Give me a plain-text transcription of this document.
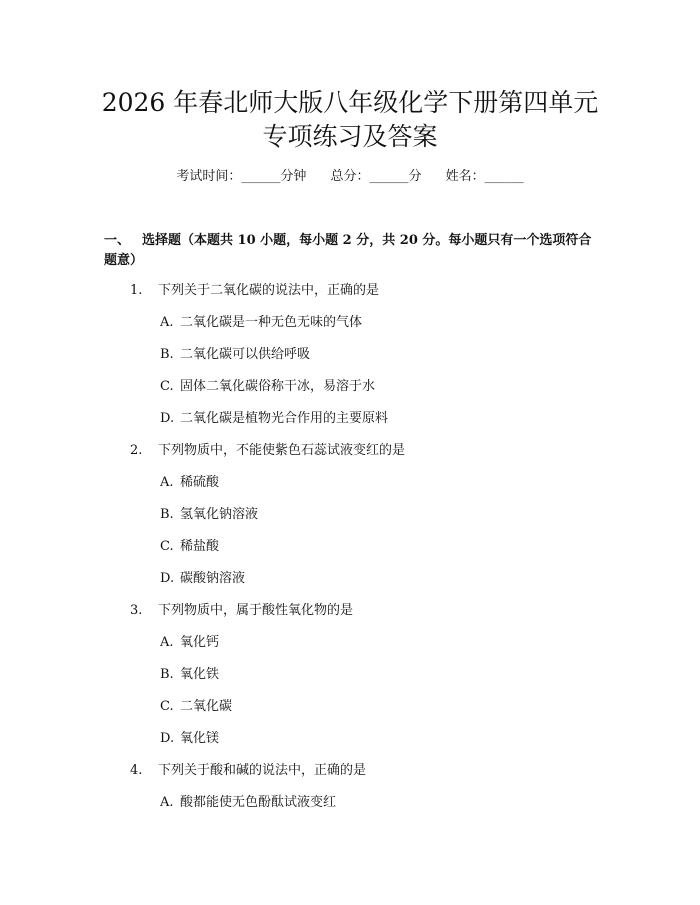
2026 年春北师大版八年级化学下册第四单元
专项练习及答案
考试时间：______分钟 总分：______分 姓名：______
一、 选择题（本题共 10 小题，每小题 2 分，共 20 分。每小题只有一个选项符合题意）
1. 下列关于二氧化碳的说法中，正确的是
A. 二氧化碳是一种无色无味的气体
B. 二氧化碳可以供给呼吸
C. 固体二氧化碳俗称干冰，易溶于水
D. 二氧化碳是植物光合作用的主要原料
2. 下列物质中，不能使紫色石蕊试液变红的是
A. 稀硫酸
B. 氢氧化钠溶液
C. 稀盐酸
D. 碳酸钠溶液
3. 下列物质中，属于酸性氧化物的是
A. 氧化钙
B. 氧化铁
C. 二氧化碳
D. 氧化镁
4. 下列关于酸和碱的说法中，正确的是
A. 酸都能使无色酚酞试液变红
